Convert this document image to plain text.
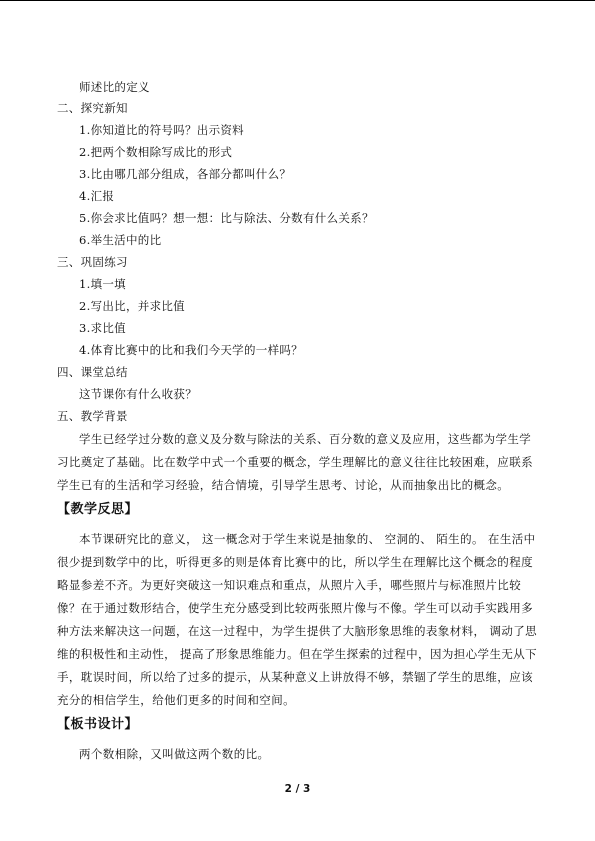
师述比的定义
二、探究新知
1.你知道比的符号吗？出示资料
2.把两个数相除写成比的形式
3.比由哪几部分组成，各部分都叫什么？
4.汇报
5.你会求比值吗？想一想：比与除法、分数有什么关系？
6.举生活中的比
三、巩固练习
1.填一填
2.写出比，并求比值
3.求比值
4.体育比赛中的比和我们今天学的一样吗？
四、课堂总结
这节课你有什么收获？
五、教学背景
学生已经学过分数的意义及分数与除法的关系、百分数的意义及应用，这些都为学生学
习比奠定了基础。比在数学中式一个重要的概念，学生理解比的意义往往比较困难，应联系
学生已有的生活和学习经验，结合情境，引导学生思考、讨论，从而抽象出比的概念。
【教学反思】
本节课研究比的意义， 这一概念对于学生来说是抽象的、 空洞的、 陌生的。 在生活中
很少提到数学中的比，听得更多的则是体育比赛中的比，所以学生在理解比这个概念的程度
略显参差不齐。为更好突破这一知识难点和重点，从照片入手，哪些照片与标准照片比较
像？在于通过数形结合，使学生充分感受到比较两张照片像与不像。学生可以动手实践用多
种方法来解决这一问题，在这一过程中，为学生提供了大脑形象思维的表象材料， 调动了思
维的积极性和主动性， 提高了形象思维能力。但在学生探索的过程中，因为担心学生无从下
手，耽误时间，所以给了过多的提示，从某种意义上讲放得不够，禁锢了学生的思维，应该
充分的相信学生，给他们更多的时间和空间。
【板书设计】
两个数相除，又叫做这两个数的比。
2 / 3
